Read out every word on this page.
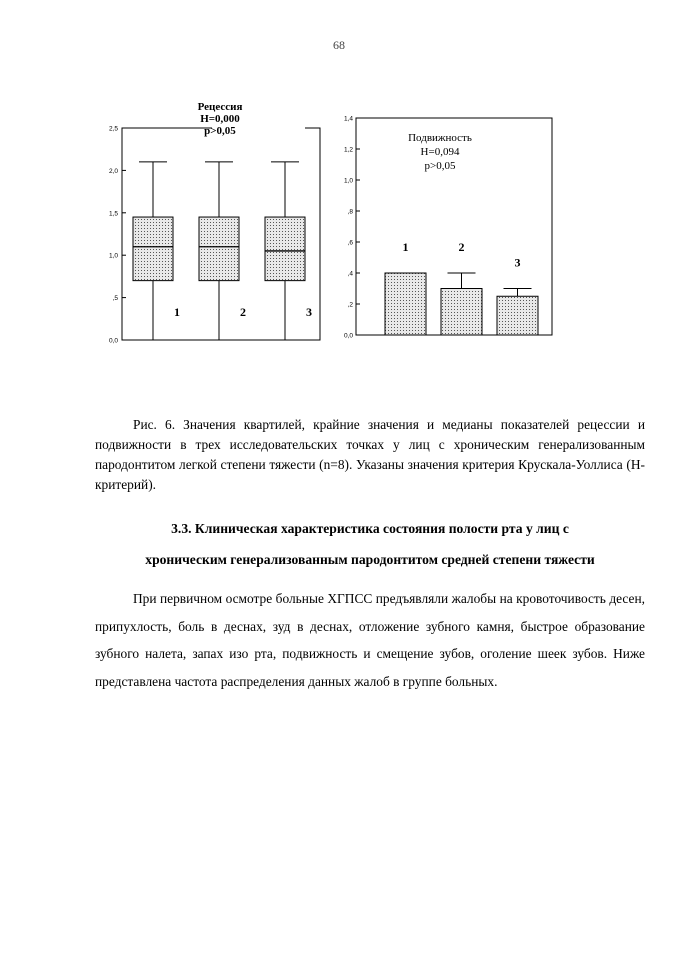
68
0,0
,5
1,0
1,5
2,0
2,5
Рецессия
H=0,000
p>0,05
1	2	3
0,0
,2
,4
,6
,8
1,0
1,2
1,4
Подвижность
H=0,094
p>0,05
1	2
3

Рис. 6. Значения квартилей, крайние значения и медианы показателей рецессии и подвижности в трех исследовательских точках у лиц с хроническим генерализованным пародонтитом легкой степени тяжести (n=8). Указаны значения критерия Крускала-Уоллиса (Н-критерий).

3.3. Клиническая характеристика состояния полости рта у лиц с
хроническим генерализованным пародонтитом средней степени тяжести

При первичном осмотре больные ХГПСС предъявляли жалобы на кровоточивость десен, припухлость, боль в деснах, зуд в деснах, отложение зубного камня, быстрое образование зубного налета, запах изо рта, подвижность и смещение зубов, оголение шеек зубов. Ниже представлена частота распределения данных жалоб в группе больных.
